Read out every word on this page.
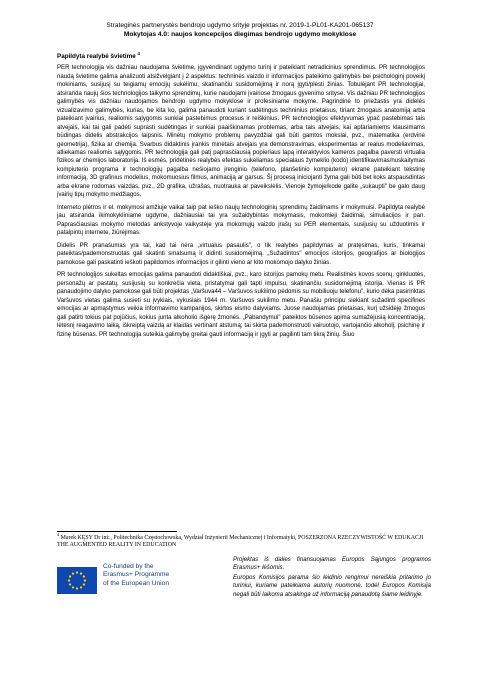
Strateginės partnerystės bendrojo ugdymo srityje projektas nr. 2019-1-PL01-KA201-065137
Mokytojas 4.0: naujos koncepcijos diegimas bendrojo ugdymo mokyklose
Papildyta realybė švietime $^4$

PER technologija vis dažniau naudojama švietime, įgyvendinant ugdymo turinį ir pateikiant netradicinius sprendimus. PR technologijos naudą švietime galima analizuoti atsižvelgiant į 2 aspektus: techninės vaizdo ir informacijos pateikimo galimybės bei psichologinį poveikį mokiniams, susijusį su teigiamų emocijų sukėlimu, skatinančiu susidomėjimą ir norą įgyti/plėsti žinias. Tobulėjant PR technologijai, atsiranda naujų šios technologijos taikymo sprendimų, kurie naudojami įvairiose žmogaus gyvenimo srityse. Vis dažniau PR technologijos galimybės vis dažniau naudojamos bendrojo ugdymo mokyklose ir profesiniame mokyme. Pagrindinė to priežastis yra didelės vizualizavimo galimybės, kurias, be kita ko, galima panaudoti kuriant sudėtingus techninius prietaisus, tiriant žmogaus anatomiją arba pateikiant įvairius, realiomis sąlygomis sunkiai pastebimus procesus ir reiškinius. PR technologijos efektyvumas ypač pastebimas tais atvejais, kai tai gali padėti suprasti sudėtingas ir sunkiai paaiškinamas problemas, arba tais atvejais, kai aptariamiems klausimams būdingas didelis abstrakcijos laipsnis. Minėtų mokymo problemų pavyzdžiai gali būti gamtos mokslai, pvz., matematika (erdvinė geometrija), fizika ar chemija. Svarbus didaktinis įrankis minėtais atvejais yra demonstravimas, eksperimentas ar realus modeliavimas, atliekamas realiomis sąlygomis. PR technologija gali patį paprasčiausią popieriaus lapą interaktyvios kameros pagalba paversti virtualia fizikos ar chemijos laboratorija. Iš esmės, pridėtinės realybės efektas sukeliamas specialaus žymeklio (kodo) identifikavimas/nuskaitymas kompiuterio programa ir technologijų pagalba nešiojamo įrenginio (telefono, planšetinio kompiuterio) ekrane pateikiant tekstinę informaciją, 3D grafinius modelius, mokomuosius filmus, animaciją ar garsus. Šį procesą iniciojanti žyma gali būti bet koks atspausdintas arba ekrane rodomas vaizdas, pvz., 2D grafika, užrašas, nuotrauka ar paveikslėlis. Vienoje žymoje/kode galite „sukaupti" be galo daug įvairių tipų mokymo medžiagos.

Interneto plėtros ir el. mokymosi amžiuje vaikai taip pat ieško naujų technologinių sprendimų žaidimams ir mokymuisi. Papildyta realybė jau atsiranda ikimokykliniame ugdyme, dažniausiai tai yra sužaidybintas mokymasis, mokomieji žaidimai, simuliacijos ir pan. Paprasčiausias mokymo metodas ankstyvoje vaikystėje yra mokomųjų vaizdo įrašų su PER elementais, susijusių su užduotimis ir patalpintų internete, žiūrėjimas.

Didelis PR pranašumas yra tai, kad tai nėra „virtualus pasaulis", o tik realybės papildymas ar pratęsimas, kuris, tinkamai pateiktas/pademonstruotas gali skatinti smalsumą ir didinti susidomėjimą. „Sužadintos" emocijos istorijos, geografijos ar biologijos pamokose gali paskatinti ieškoti papildomos informacijos ir gilinti vieno ar kito mokomojo dalyko žinias.

PR technologijos sukeltas emocijas galima panaudoti didaktiškai, pvz., karo istorijos pamokų metu. Realistinės kovos scenų, ginkluotės, personažų ar pastatų, susijusių su konkrečia vieta, pristatymai gali tapti impulsu, skatinančiu susidomėjimą istorija. Vienas iš PR panaudojimo dalyko pamokose gali būti projektas „Varšuva44 – Varšuvos sukilimo pėdomis su mobiliuoju telefonu", kurio dėka pasirinktas Varšuvos vietas galima susieti su įvykiais, vykusiais 1944 m. Varšuvos sukilimo metu. Panašiu principu siekiant sužadinti specifines emocijas ar apmąstymus veikia informavimo kampanijos, skirtos eismo dalyviams. Juose naudojamas prietaisas, kurį užsidėję žmogus gali patirti tokius pat pojūčius, kokius junta alkoholio išgėrę žmonės. „Pabandymui" pateiktos būsenos apima sumažėjusią koncentraciją, lėtesnį reagavimo laiką, iškreiptą vaizdą ar klaidas vertinant atstumą; tai skirta pademonstruoti vairuotojo, vartojančio alkoholį, psichinę ir fizinę būsenas. PR technologija suteikia galimybę greitai gauti informaciją ir įgyti ar pagilinti tam tikrą žinių. Šiuo

$^4$ Marek KĘSY Dr inż., Politechnika Częstochowska, Wydział Inżynierii Mechanicznej i Informatyki, POSZERZONA RZECZYWISTOŚĆ W EDUKACJI THE AUGMENTED REALITY IN EDUCATION
Co-funded by the
Erasmus+ Programme
of the European Union

Projektas iš dalies finansuojamas Europos Sąjungos programos Erasmus+ lėšomis.

Europos Komisijos parama šio leidinio rengimui nereiškia pritarimo jo turiniui, kuriame pateikiama autorių nuomonė, todėl Europos Komisija negali būti laikoma atsakinga už informaciją panaudotą šiame leidinyje.
